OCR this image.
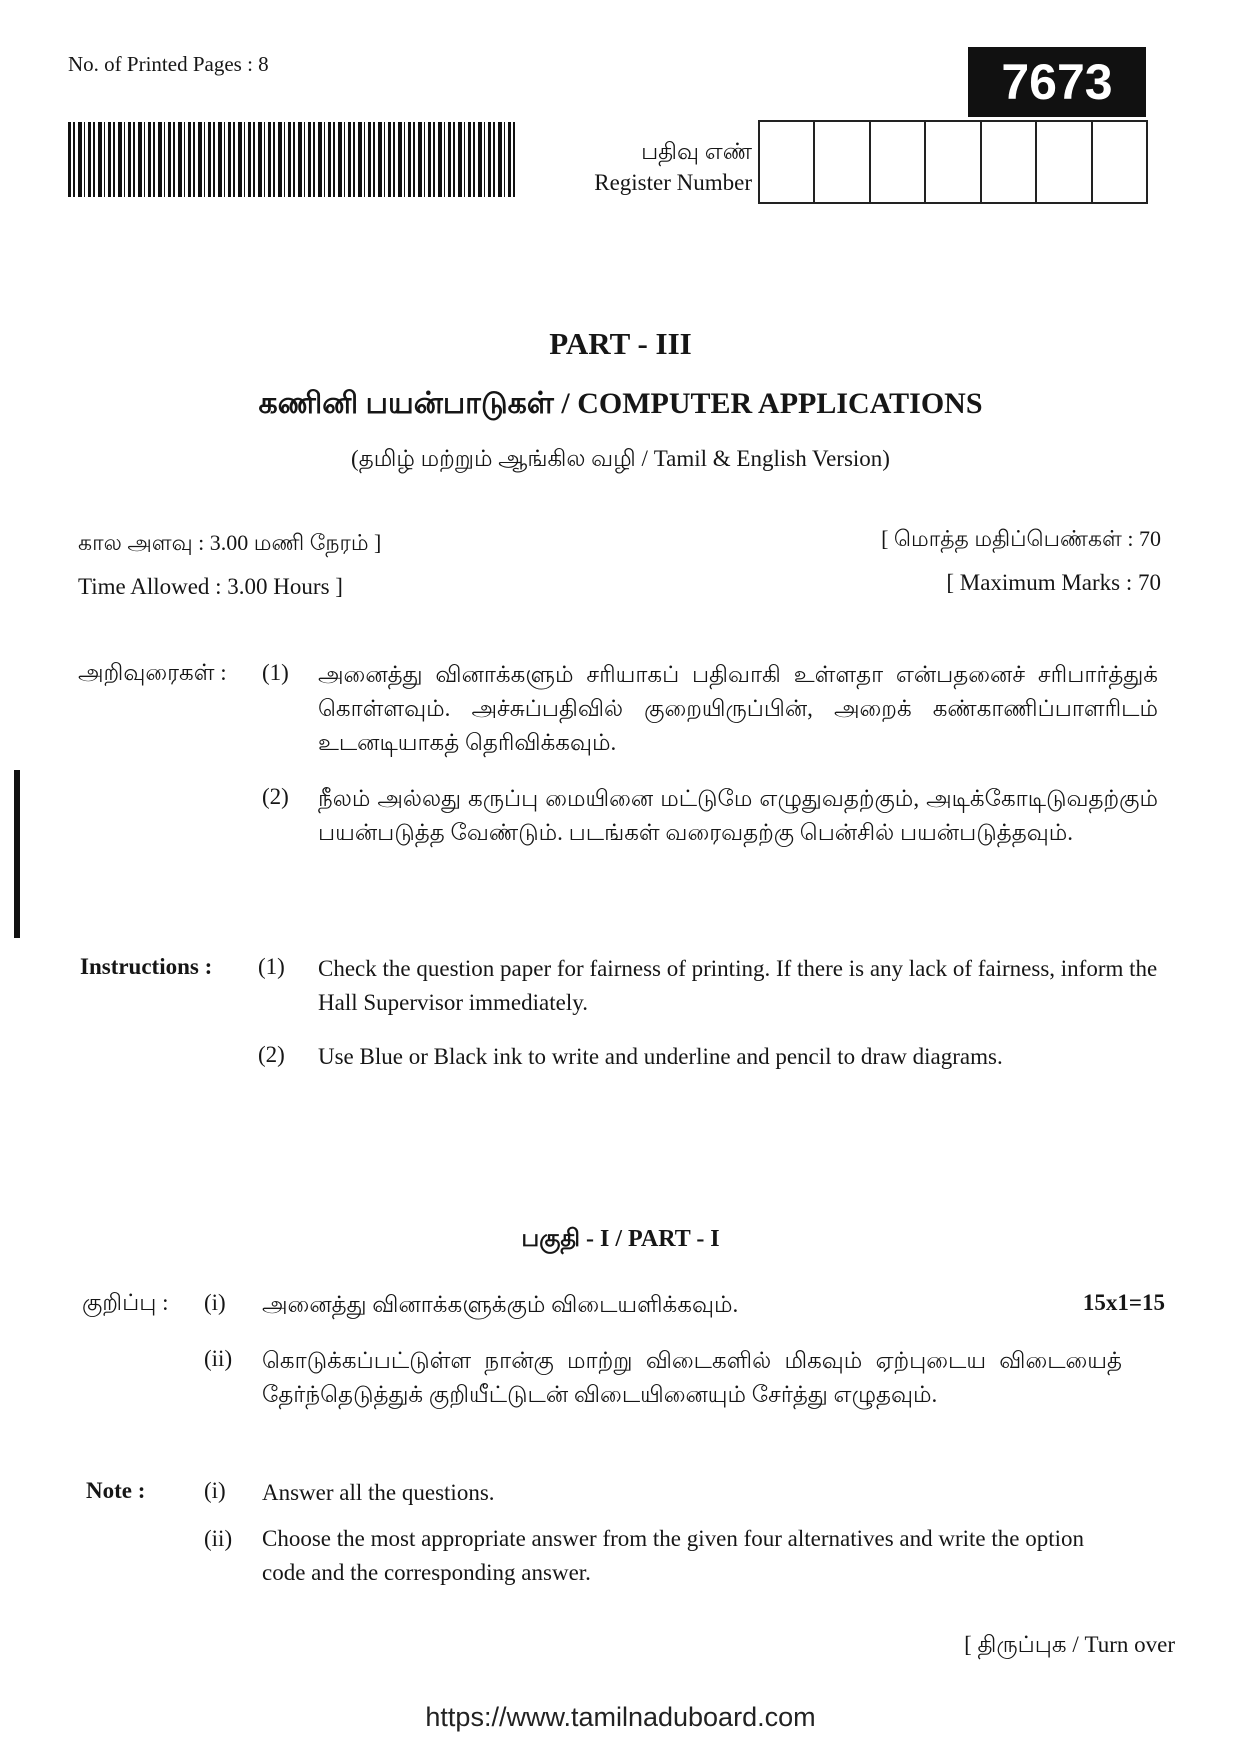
No. of Printed Pages : 8	7673
பதிவு எண்
Register Number
PART - III
கணினி பயன்பாடுகள் / COMPUTER APPLICATIONS
(தமிழ் மற்றும் ஆங்கில வழி / Tamil & English Version)
கால அளவு : 3.00 மணி நேரம் ]
Time Allowed : 3.00 Hours ]
[ மொத்த மதிப்பெண்கள் : 70
[ Maximum Marks : 70
அறிவுரைகள் : (1) அனைத்து வினாக்களும் சரியாகப் பதிவாகி உள்ளதா என்பதனைச் சரிபார்த்துக் கொள்ளவும். அச்சுப்பதிவில் குறையிருப்பின், அறைக் கண்காணிப்பாளரிடம் உடனடியாகத் தெரிவிக்கவும்.
(2) நீலம் அல்லது கருப்பு மையினை மட்டுமே எழுதுவதற்கும், அடிக்கோடிடுவதற்கும் பயன்படுத்த வேண்டும். படங்கள் வரைவதற்கு பென்சில் பயன்படுத்தவும்.
Instructions : (1) Check the question paper for fairness of printing. If there is any lack of fairness, inform the Hall Supervisor immediately.
(2) Use Blue or Black ink to write and underline and pencil to draw diagrams.
பகுதி - I / PART - I
குறிப்பு : (i) அனைத்து வினாக்களுக்கும் விடையளிக்கவும்.	15x1=15
(ii) கொடுக்கப்பட்டுள்ள நான்கு மாற்று விடைகளில் மிகவும் ஏற்புடைய விடையைத் தேர்ந்தெடுத்துக் குறியீட்டுடன் விடையினையும் சேர்த்து எழுதவும்.
Note :	(i) Answer all the questions.
(ii) Choose the most appropriate answer from the given four alternatives and write the option code and the corresponding answer.
[ திருப்புக / Turn over
https://www.tamilnaduboard.com
